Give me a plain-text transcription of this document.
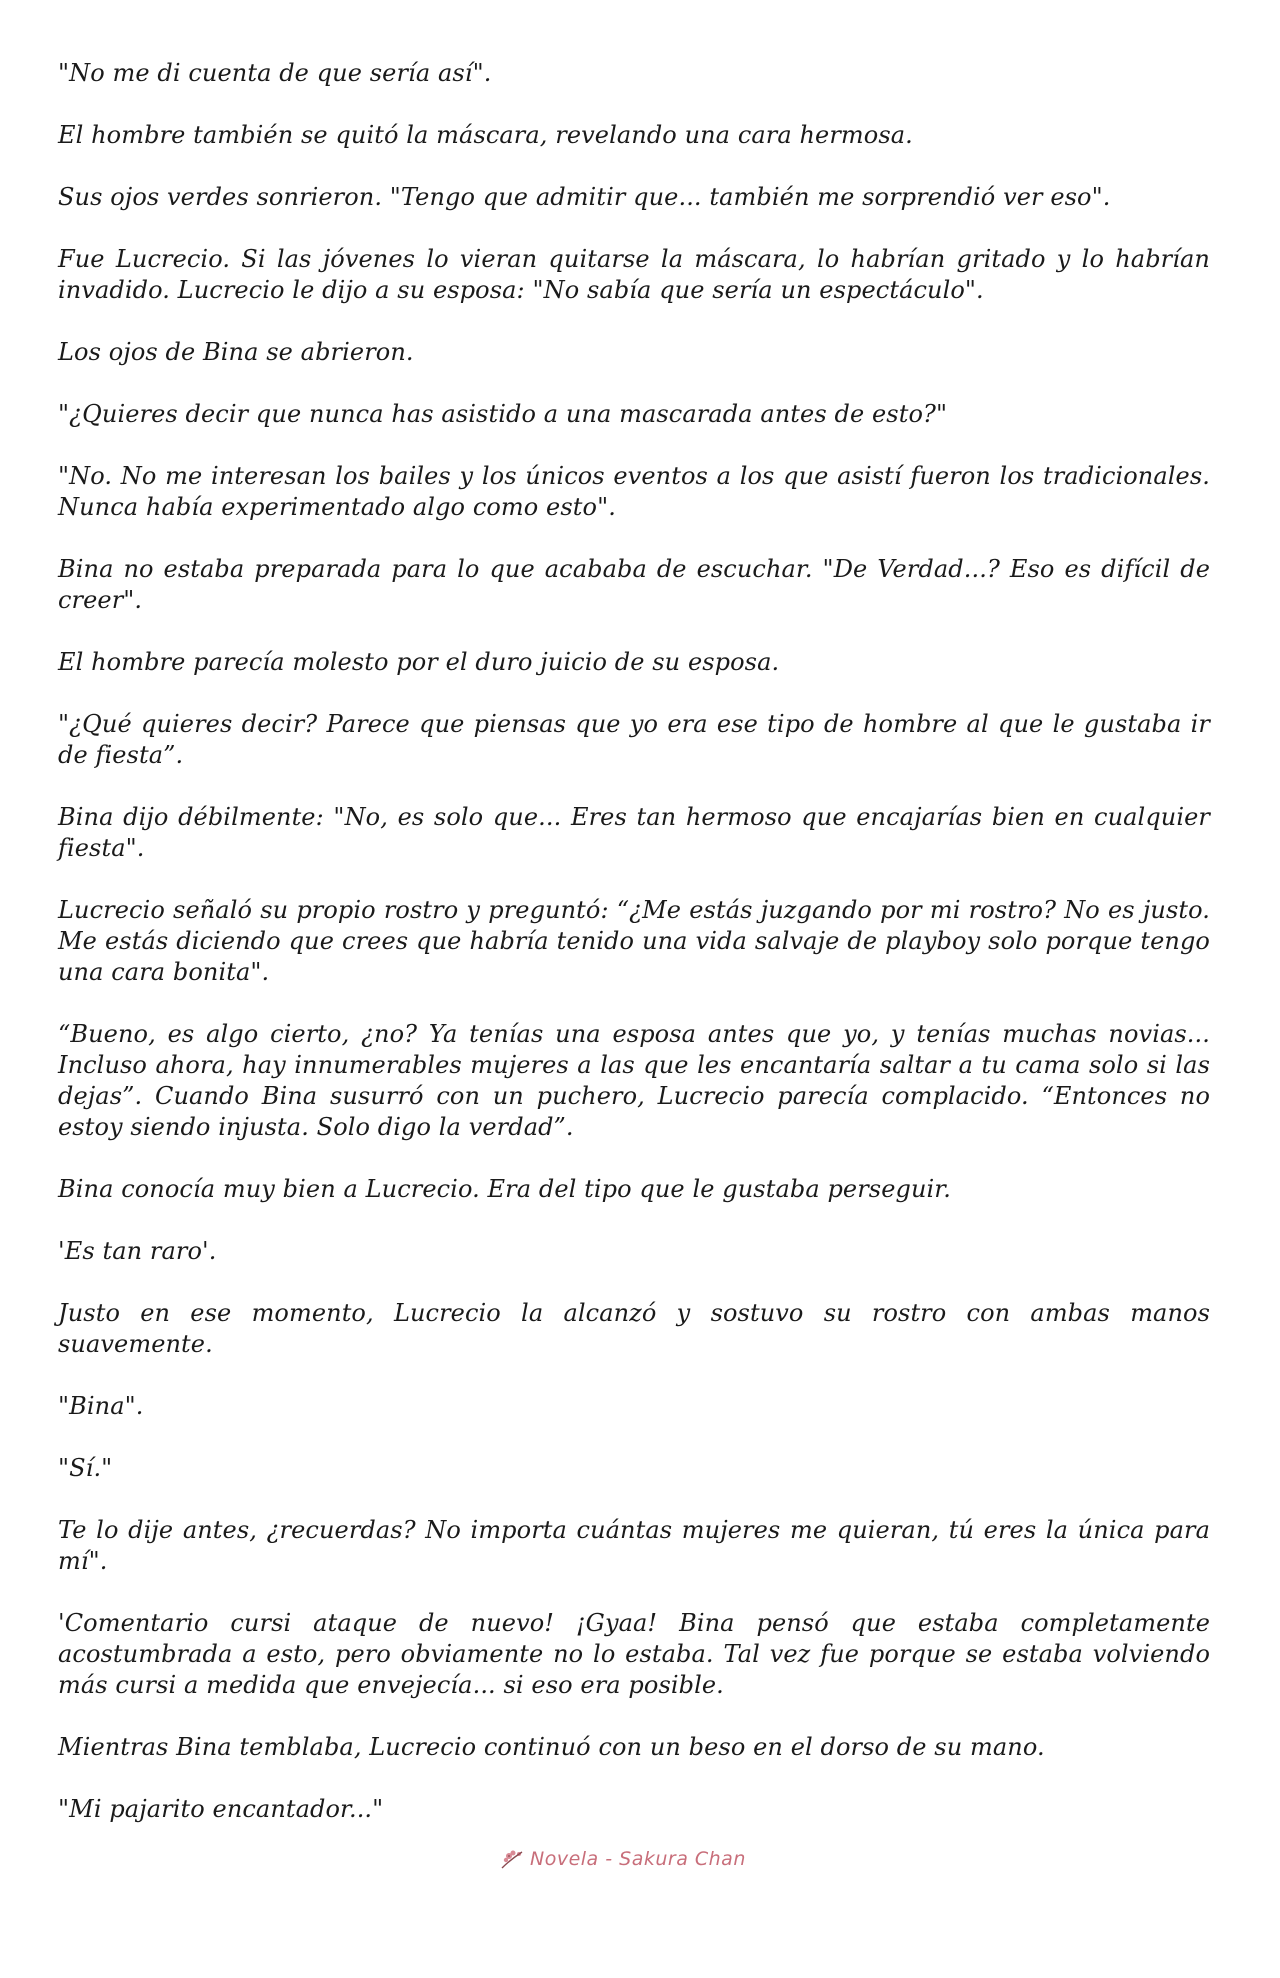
"No me di cuenta de que sería así".

El hombre también se quitó la máscara, revelando una cara hermosa.

Sus ojos verdes sonrieron. "Tengo que admitir que... también me sorprendió ver eso".

Fue Lucrecio. Si las jóvenes lo vieran quitarse la máscara, lo habrían gritado y lo habrían invadido. Lucrecio le dijo a su esposa: "No sabía que sería un espectáculo".

Los ojos de Bina se abrieron.

"¿Quieres decir que nunca has asistido a una mascarada antes de esto?"

"No. No me interesan los bailes y los únicos eventos a los que asistí fueron los tradicionales. Nunca había experimentado algo como esto".

Bina no estaba preparada para lo que acababa de escuchar. "De Verdad...? Eso es difícil de creer".

El hombre parecía molesto por el duro juicio de su esposa.

"¿Qué quieres decir? Parece que piensas que yo era ese tipo de hombre al que le gustaba ir de fiesta”.

Bina dijo débilmente: "No, es solo que... Eres tan hermoso que encajarías bien en cualquier fiesta".

Lucrecio señaló su propio rostro y preguntó: “¿Me estás juzgando por mi rostro? No es justo. Me estás diciendo que crees que habría tenido una vida salvaje de playboy solo porque tengo una cara bonita".

“Bueno, es algo cierto, ¿no? Ya tenías una esposa antes que yo, y tenías muchas novias... Incluso ahora, hay innumerables mujeres a las que les encantaría saltar a tu cama solo si las dejas”. Cuando Bina susurró con un puchero, Lucrecio parecía complacido. “Entonces no estoy siendo injusta. Solo digo la verdad”.

Bina conocía muy bien a Lucrecio. Era del tipo que le gustaba perseguir.

'Es tan raro'.

Justo en ese momento, Lucrecio la alcanzó y sostuvo su rostro con ambas manos suavemente.

"Bina".

"Sí."

Te lo dije antes, ¿recuerdas? No importa cuántas mujeres me quieran, tú eres la única para mí".

'Comentario cursi ataque de nuevo! ¡Gyaa! Bina pensó que estaba completamente acostumbrada a esto, pero obviamente no lo estaba. Tal vez fue porque se estaba volviendo más cursi a medida que envejecía... si eso era posible.

Mientras Bina temblaba, Lucrecio continuó con un beso en el dorso de su mano.

"Mi pajarito encantador..."

Novela - Sakura Chan
